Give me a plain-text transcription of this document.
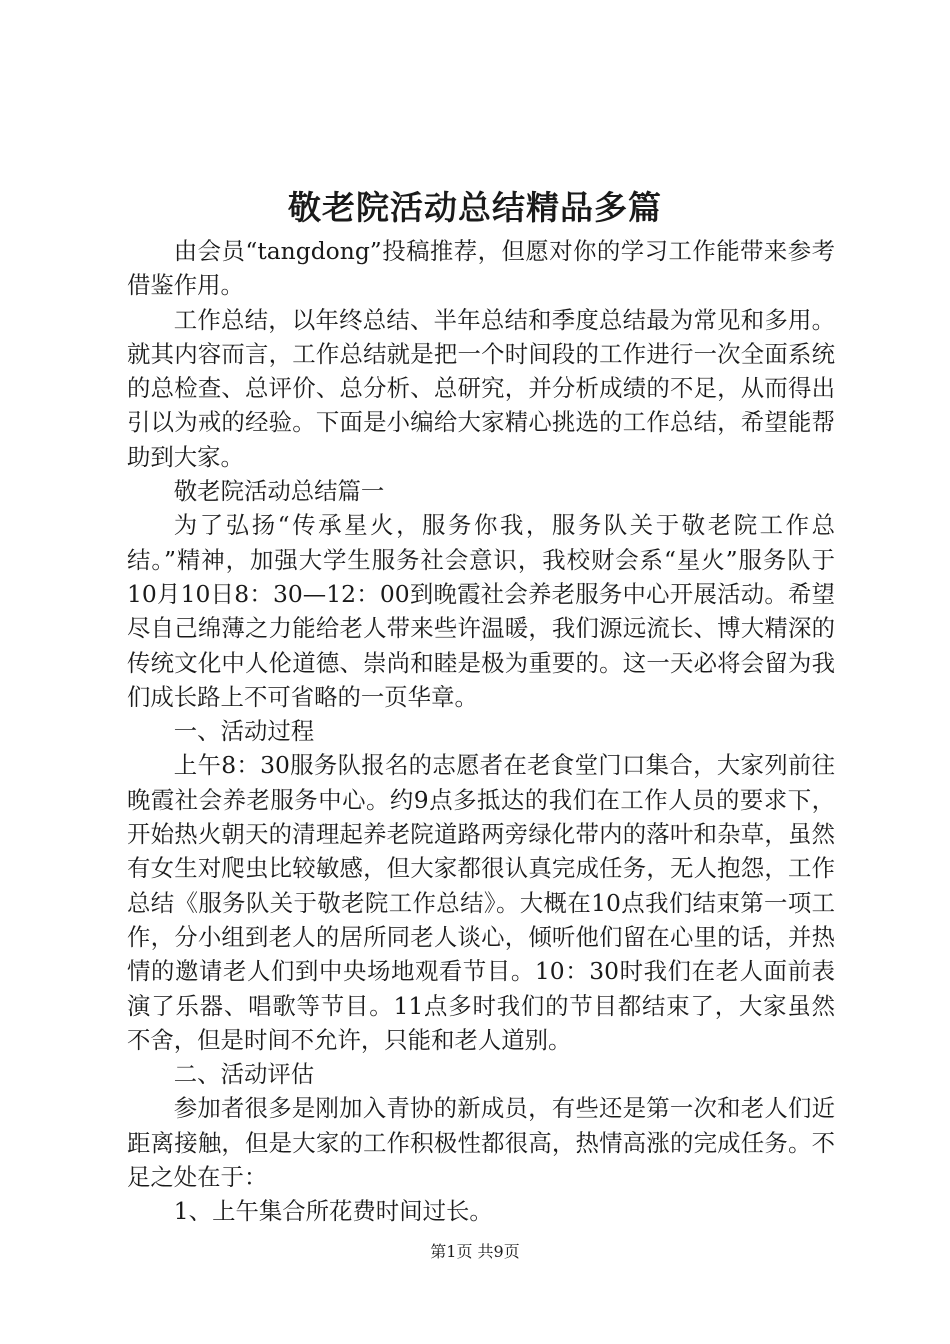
敬老院活动总结精品多篇

由会员“tangdong”投稿推荐，但愿对你的学习工作能带来参考借鉴作用。

工作总结，以年终总结、半年总结和季度总结最为常见和多用。就其内容而言，工作总结就是把一个时间段的工作进行一次全面系统的总检查、总评价、总分析、总研究，并分析成绩的不足，从而得出引以为戒的经验。下面是小编给大家精心挑选的工作总结，希望能帮助到大家。

敬老院活动总结篇一

为了弘扬“传承星火，服务你我，服务队关于敬老院工作总结。”精神，加强大学生服务社会意识，我校财会系“星火”服务队于10月10日8：30—12：00到晚霞社会养老服务中心开展活动。希望尽自己绵薄之力能给老人带来些许温暖，我们源远流长、博大精深的传统文化中人伦道德、崇尚和睦是极为重要的。这一天必将会留为我们成长路上不可省略的一页华章。

一、活动过程

上午8：30服务队报名的志愿者在老食堂门口集合，大家列前往晚霞社会养老服务中心。约9点多抵达的我们在工作人员的要求下，开始热火朝天的清理起养老院道路两旁绿化带内的落叶和杂草，虽然有女生对爬虫比较敏感，但大家都很认真完成任务，无人抱怨，工作总结《服务队关于敬老院工作总结》。大概在10点我们结束第一项工作，分小组到老人的居所同老人谈心，倾听他们留在心里的话，并热情的邀请老人们到中央场地观看节目。10：30时我们在老人面前表演了乐器、唱歌等节目。11点多时我们的节目都结束了，大家虽然不舍，但是时间不允许，只能和老人道别。

二、活动评估

参加者很多是刚加入青协的新成员，有些还是第一次和老人们近距离接触，但是大家的工作积极性都很高，热情高涨的完成任务。不足之处在于：

1、上午集合所花费时间过长。

第1页 共9页
